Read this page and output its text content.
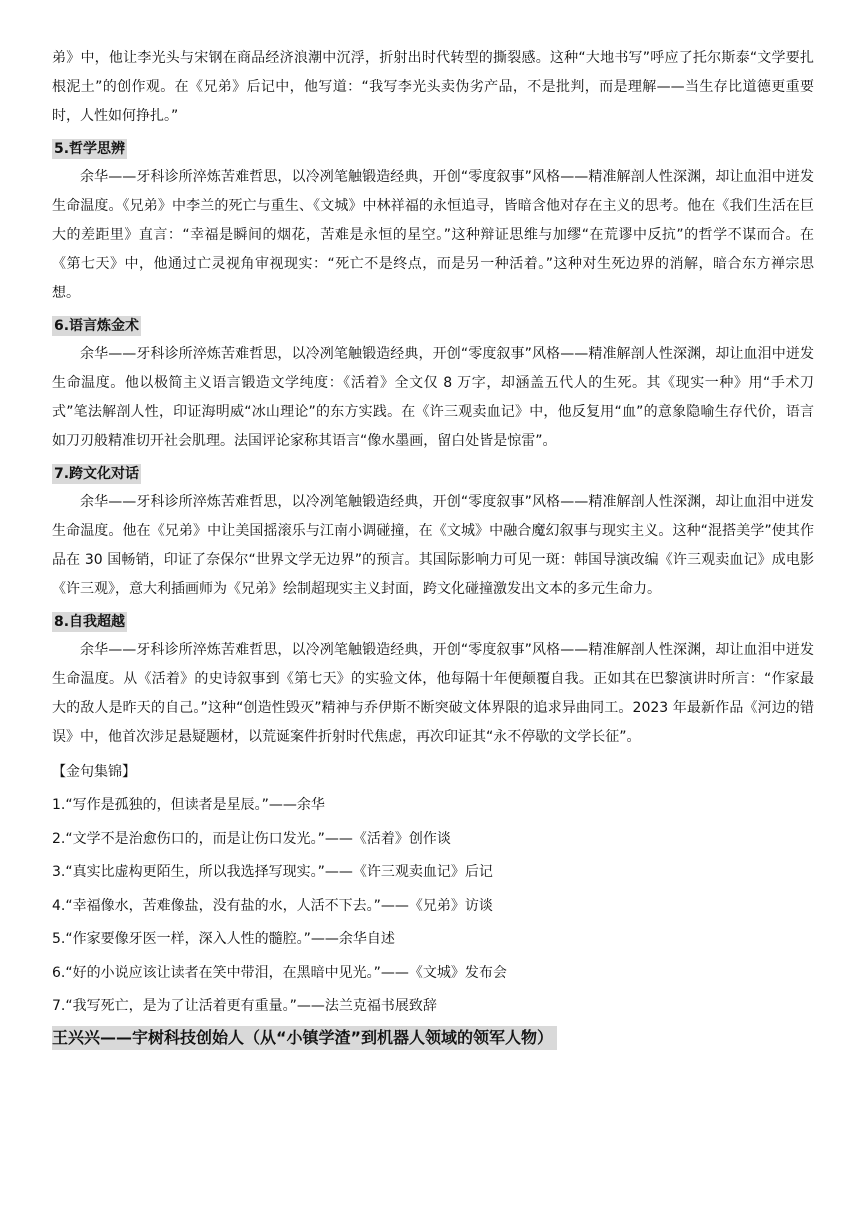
弟》中，他让李光头与宋钢在商品经济浪潮中沉浮，折射出时代转型的撕裂感。这种“大地书写”呼应了托尔斯泰“文学要扎根泥土”的创作观。在《兄弟》后记中，他写道：“我写李光头卖伪劣产品，不是批判，而是理解——当生存比道德更重要时，人性如何挣扎。”

5.哲学思辨

余华——牙科诊所淬炼苦难哲思，以冷冽笔触锻造经典，开创“零度叙事”风格——精准解剖人性深渊，却让血泪中迸发生命温度。《兄弟》中李兰的死亡与重生、《文城》中林祥福的永恒追寻，皆暗含他对存在主义的思考。他在《我们生活在巨大的差距里》直言：“幸福是瞬间的烟花，苦难是永恒的星空。”这种辩证思维与加缪“在荒谬中反抗”的哲学不谋而合。在《第七天》中，他通过亡灵视角审视现实：“死亡不是终点，而是另一种活着。”这种对生死边界的消解，暗合东方禅宗思想。

6.语言炼金术

余华——牙科诊所淬炼苦难哲思，以冷冽笔触锻造经典，开创“零度叙事”风格——精准解剖人性深渊，却让血泪中迸发生命温度。他以极简主义语言锻造文学纯度：《活着》全文仅 8 万字，却涵盖五代人的生死。其《现实一种》用“手术刀式”笔法解剖人性，印证海明威“冰山理论”的东方实践。在《许三观卖血记》中，他反复用“血”的意象隐喻生存代价，语言如刀刃般精准切开社会肌理。法国评论家称其语言“像水墨画，留白处皆是惊雷”。

7.跨文化对话

余华——牙科诊所淬炼苦难哲思，以冷冽笔触锻造经典，开创“零度叙事”风格——精准解剖人性深渊，却让血泪中迸发生命温度。他在《兄弟》中让美国摇滚乐与江南小调碰撞，在《文城》中融合魔幻叙事与现实主义。这种“混搭美学”使其作品在 30 国畅销，印证了奈保尔“世界文学无边界”的预言。其国际影响力可见一斑：韩国导演改编《许三观卖血记》成电影《许三观》，意大利插画师为《兄弟》绘制超现实主义封面，跨文化碰撞激发出文本的多元生命力。

8.自我超越

余华——牙科诊所淬炼苦难哲思，以冷冽笔触锻造经典，开创“零度叙事”风格——精准解剖人性深渊，却让血泪中迸发生命温度。从《活着》的史诗叙事到《第七天》的实验文体，他每隔十年便颠覆自我。正如其在巴黎演讲时所言：“作家最大的敌人是昨天的自己。”这种“创造性毁灭”精神与乔伊斯不断突破文体界限的追求异曲同工。2023 年最新作品《河边的错误》中，他首次涉足悬疑题材，以荒诞案件折射时代焦虑，再次印证其“永不停歇的文学长征”。

【金句集锦】

1.“写作是孤独的，但读者是星辰。”——余华

2.“文学不是治愈伤口的，而是让伤口发光。”——《活着》创作谈

3.“真实比虚构更陌生，所以我选择写现实。”——《许三观卖血记》后记

4.“幸福像水，苦难像盐，没有盐的水，人活不下去。”——《兄弟》访谈

5.“作家要像牙医一样，深入人性的髓腔。”——余华自述

6.“好的小说应该让读者在笑中带泪，在黑暗中见光。”——《文城》发布会

7.“我写死亡，是为了让活着更有重量。”——法兰克福书展致辞

王兴兴——宇树科技创始人（从“小镇学渣”到机器人领域的领军人物）
